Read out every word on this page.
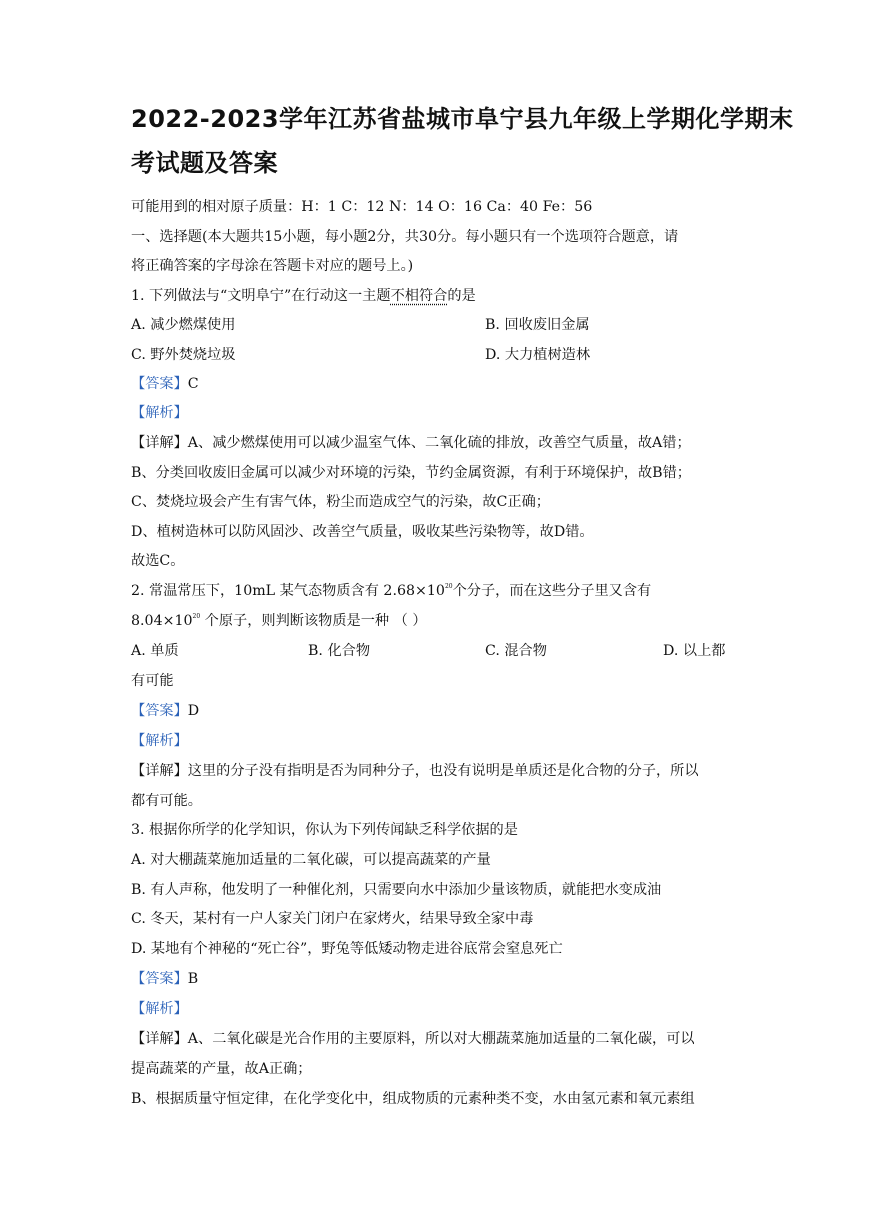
2022-2023学年江苏省盐城市阜宁县九年级上学期化学期末
考试题及答案
可能用到的相对原子质量：H：1 C：12 N：14 O：16 Ca：40 Fe：56
一、选择题(本大题共15小题，每小题2分，共30分。每小题只有一个选项符合题意，请
将正确答案的字母涂在答题卡对应的题号上。)
1. 下列做法与“文明阜宁”在行动这一主题不相符合的是
A. 减少燃煤使用	B. 回收废旧金属
C. 野外焚烧垃圾	D. 大力植树造林
【答案】C
【解析】
【详解】A、减少燃煤使用可以减少温室气体、二氧化硫的排放，改善空气质量，故A错；
B、分类回收废旧金属可以减少对环境的污染，节约金属资源，有利于环境保护，故B错；
C、焚烧垃圾会产生有害气体，粉尘而造成空气的污染，故C正确；
D、植树造林可以防风固沙、改善空气质量，吸收某些污染物等，故D错。
故选C。
2. 常温常压下，10mL 某气态物质含有 $2.68\times 10^{20}$个分子，而在这些分子里又含有
$8.04\times 10^{20}$ 个原子，则判断该物质是一种 （ ）
A. 单质	B. 化合物	C. 混合物	D. 以上都
有可能
【答案】D
【解析】
【详解】这里的分子没有指明是否为同种分子，也没有说明是单质还是化合物的分子，所以
都有可能。
3. 根据你所学的化学知识，你认为下列传闻缺乏科学依据的是
A. 对大棚蔬菜施加适量的二氧化碳，可以提高蔬菜的产量
B. 有人声称，他发明了一种催化剂，只需要向水中添加少量该物质，就能把水变成油
C. 冬天，某村有一户人家关门闭户在家烤火，结果导致全家中毒
D. 某地有个神秘的“死亡谷”，野兔等低矮动物走进谷底常会窒息死亡
【答案】B
【解析】
【详解】A、二氧化碳是光合作用的主要原料，所以对大棚蔬菜施加适量的二氧化碳，可以
提高蔬菜的产量，故A正确；
B、根据质量守恒定律，在化学变化中，组成物质的元素种类不变，水由氢元素和氧元素组
